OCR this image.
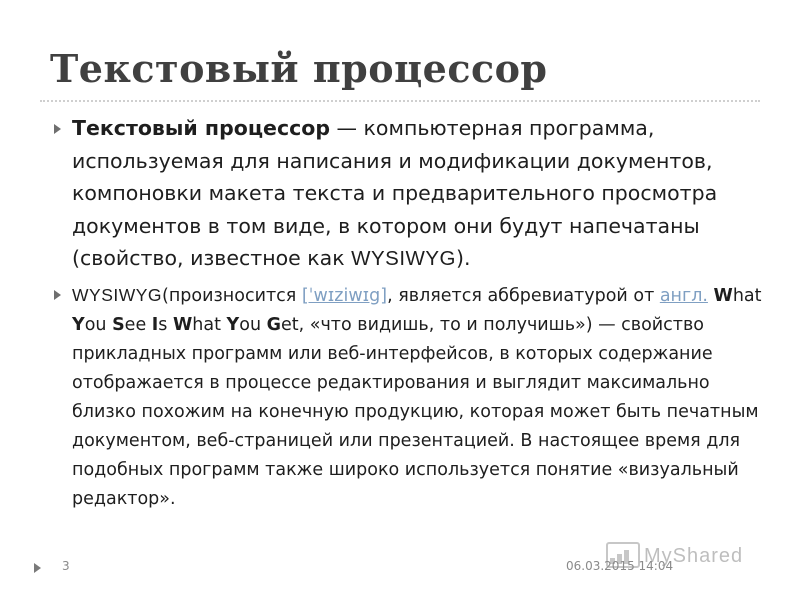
Текстовый процессор
Текстовый процессор — компьютерная программа, используемая для написания и модификации документов, компоновки макета текста и предварительного просмотра документов в том виде, в котором они будут напечатаны (свойство, известное как WYSIWYG).
WYSIWYG(произносится [ˈwɪziwɪg], является аббревиатурой от англ. What You See Is What You Get, «что видишь, то и получишь») — свойство прикладных программ или веб-интерфейсов, в которых содержание отображается в процессе редактирования и выглядит максимально близко похожим на конечную продукцию, которая может быть печатным документом, веб-страницей или презентацией. В настоящее время для подобных программ также широко используется понятие «визуальный редактор».
3	MyShared
06.03.2015 14:04
